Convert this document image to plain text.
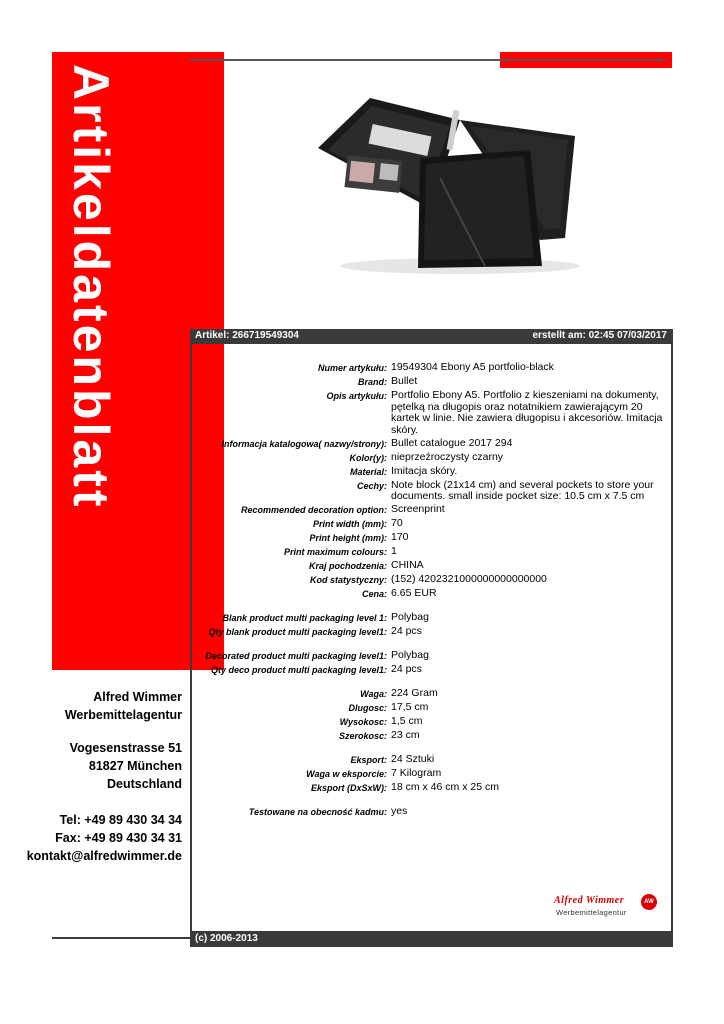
Artikeldatenblatt	Artikel: 266719549304	erstellt am: 02:45 07/03/2017
Numer artykułu: 19549304 Ebony A5 portfolio-black
Brand: Bullet
Opis artykułu: Portfolio Ebony A5. Portfolio z kieszeniami na dokumenty, pętelką na długopis oraz notatnikiem zawierającym 20 kartek w linie. Nie zawiera długopisu i akcesoriów. Imitacja skóry.
Informacja katalogowa( nazwy/strony): Bullet catalogue 2017 294
Kolor(y): nieprzeźroczysty czarny
Material: Imitacja skóry.
Cechy: Note block (21x14 cm) and several pockets to store your documents. small inside pocket size: 10.5 cm x 7.5 cm
Recommended decoration option: Screenprint
Print width (mm): 70
Print height (mm): 170
Print maximum colours: 1
Kraj pochodzenia: CHINA
Kod statystyczny: (152) 4202321000000000000000
Cena: 6.65 EUR
Blank product multi packaging level 1: Polybag
Qty blank product multi packaging level1: 24 pcs
Decorated product multi packaging level1: Polybag
Qty deco product multi packaging level1: 24 pcs
Waga: 224 Gram
Dlugosc: 17,5 cm
Wysokosc: 1,5 cm
Szerokosc: 23 cm
Eksport: 24 Sztuki
Waga w eksporcie: 7 Kilogram
Eksport (DxSxW): 18 cm x 46 cm x 25 cm
Testowane na obecność kadmu: yes
Alfred Wimmer
Werbemittelagentur
Vogesenstrasse 51
81827 München
Deutschland
Tel: +49 89 430 34 34
Fax: +49 89 430 34 31
kontakt@alfredwimmer.de
Alfred Wimmer
Werbemittelagentur
AW
(c) 2006-2013
